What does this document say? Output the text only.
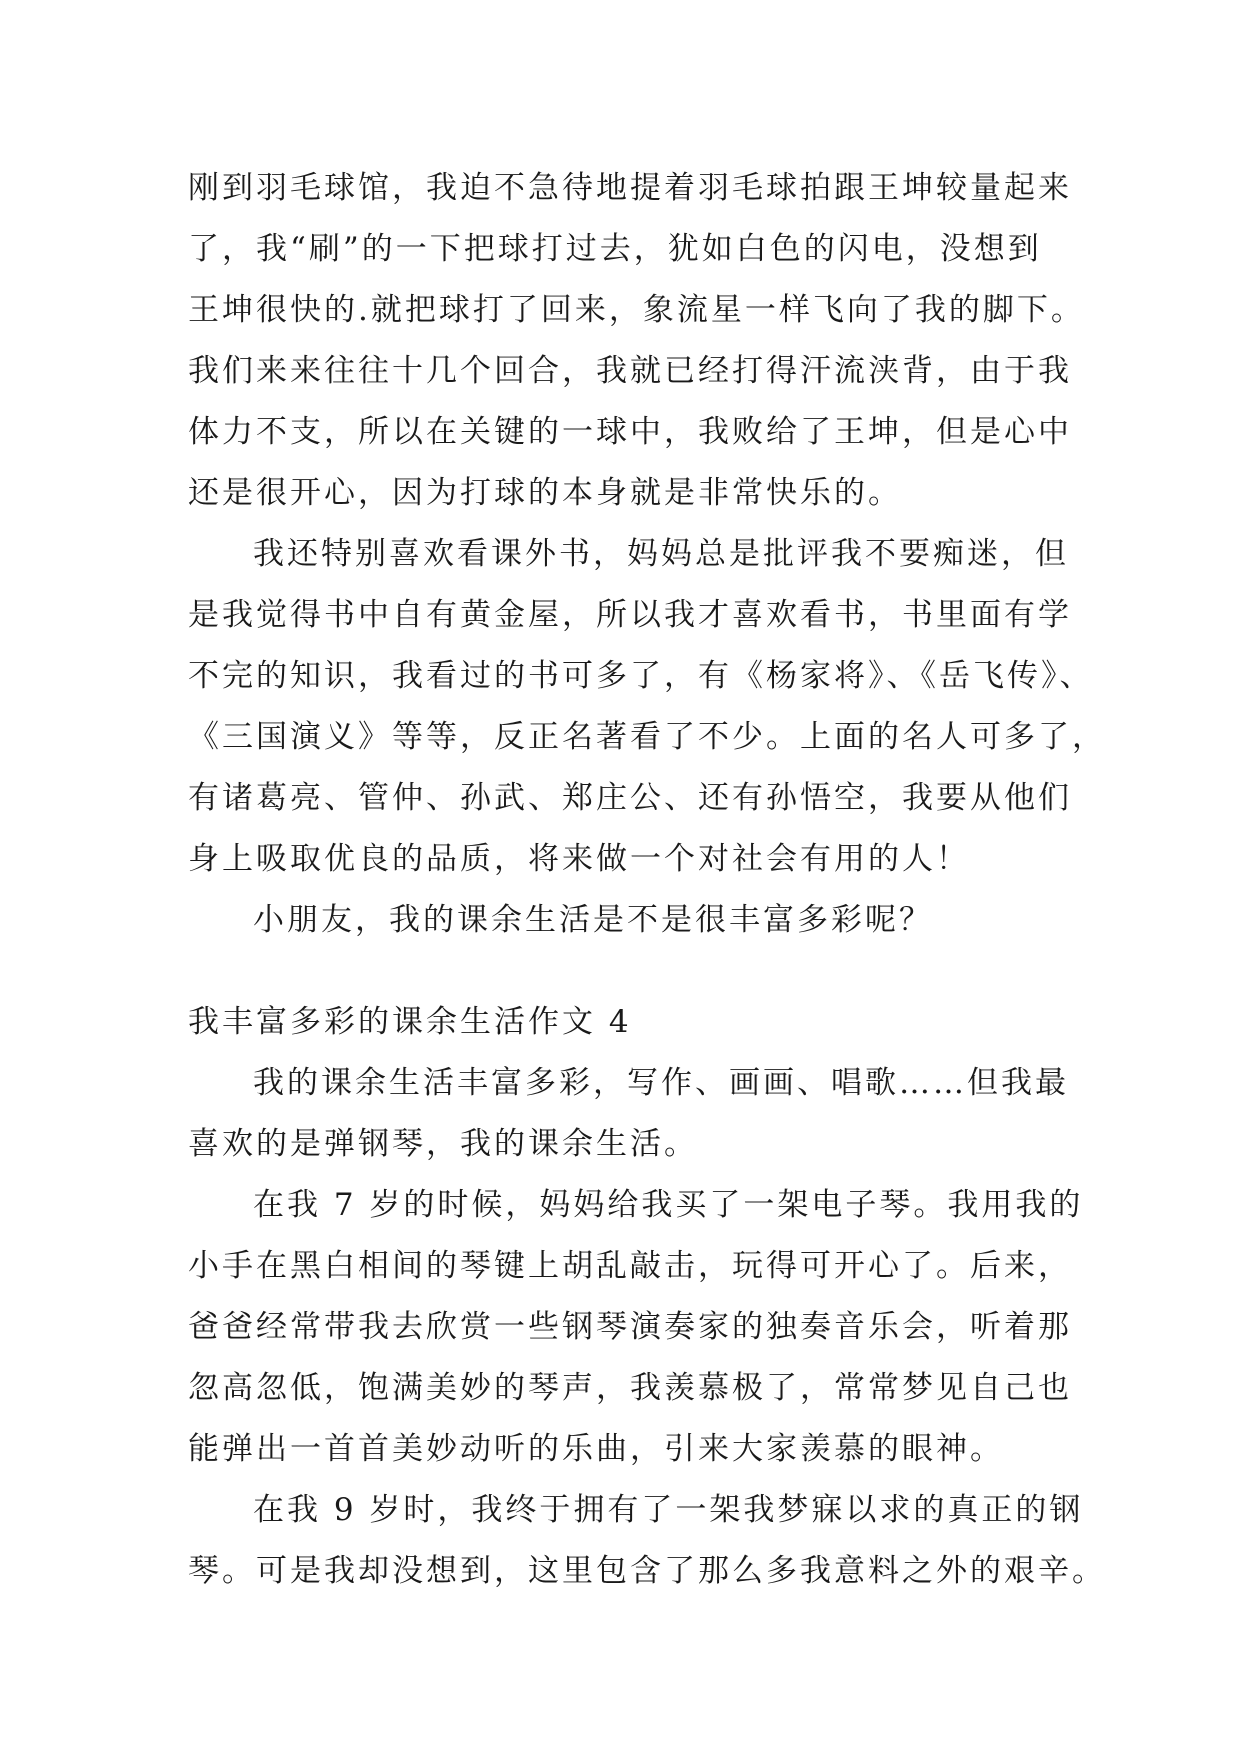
刚到羽毛球馆，我迫不急待地提着羽毛球拍跟王坤较量起来
了，我“刷”的一下把球打过去，犹如白色的闪电，没想到
王坤很快的.就把球打了回来，象流星一样飞向了我的脚下。
我们来来往往十几个回合，我就已经打得汗流浃背，由于我
体力不支，所以在关键的一球中，我败给了王坤，但是心中
还是很开心，因为打球的本身就是非常快乐的。
我还特别喜欢看课外书，妈妈总是批评我不要痴迷，但
是我觉得书中自有黄金屋，所以我才喜欢看书，书里面有学
不完的知识，我看过的书可多了，有《杨家将》、《岳飞传》、
《三国演义》等等，反正名著看了不少。上面的名人可多了，
有诸葛亮、管仲、孙武、郑庄公、还有孙悟空，我要从他们
身上吸取优良的品质，将来做一个对社会有用的人！
小朋友，我的课余生活是不是很丰富多彩呢？
我丰富多彩的课余生活作文 4
我的课余生活丰富多彩，写作、画画、唱歌……但我最
喜欢的是弹钢琴，我的课余生活。
在我 7 岁的时候，妈妈给我买了一架电子琴。我用我的
小手在黑白相间的琴键上胡乱敲击，玩得可开心了。后来，
爸爸经常带我去欣赏一些钢琴演奏家的独奏音乐会，听着那
忽高忽低，饱满美妙的琴声，我羡慕极了，常常梦见自己也
能弹出一首首美妙动听的乐曲，引来大家羡慕的眼神。
在我 9 岁时，我终于拥有了一架我梦寐以求的真正的钢
琴。可是我却没想到，这里包含了那么多我意料之外的艰辛。
